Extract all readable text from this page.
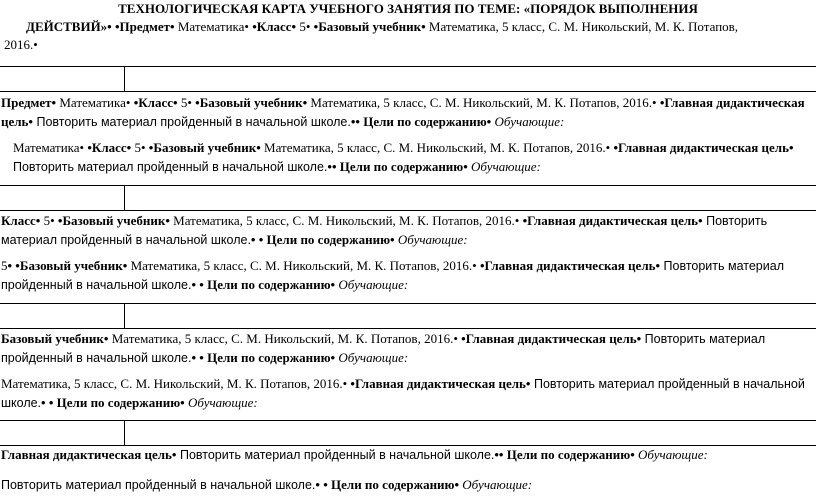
ТЕХНОЛОГИЧЕСКАЯ КАРТА УЧЕБНОГО ЗАНЯТИЯ ПО ТЕМЕ: «ПОРЯДОК ВЫПОЛНЕНИЯ
ДЕЙСТВИЙ»• •Предмет• Математика• •Класс• 5• •Базовый учебник• Математика, 5 класс, С. М. Никольский, М. К. Потапов,
2016.•
Предмет• Математика• •Класс• 5• •Базовый учебник• Математика, 5 класс, С. М. Никольский, М. К. Потапов, 2016.• •Главная дидактическая цель• Повторить материал пройденный в начальной школе.•• Цели по содержанию• Обучающие:
Математика• •Класс• 5• •Базовый учебник• Математика, 5 класс, С. М. Никольский, М. К. Потапов, 2016.• •Главная дидактическая цель• Повторить материал пройденный в начальной школе.•• Цели по содержанию• Обучающие:
Класс• 5• •Базовый учебник• Математика, 5 класс, С. М. Никольский, М. К. Потапов, 2016.• •Главная дидактическая цель• Повторить материал пройденный в начальной школе.• • Цели по содержанию• Обучающие:
5• •Базовый учебник• Математика, 5 класс, С. М. Никольский, М. К. Потапов, 2016.• •Главная дидактическая цель• Повторить материал пройденный в начальной школе.• • Цели по содержанию• Обучающие:
Базовый учебник• Математика, 5 класс, С. М. Никольский, М. К. Потапов, 2016.• •Главная дидактическая цель• Повторить материал пройденный в начальной школе.• • Цели по содержанию• Обучающие:
Математика, 5 класс, С. М. Никольский, М. К. Потапов, 2016.• •Главная дидактическая цель• Повторить материал пройденный в начальной школе.• • Цели по содержанию• Обучающие:
Главная дидактическая цель• Повторить материал пройденный в начальной школе.•• Цели по содержанию• Обучающие:
Повторить материал пройденный в начальной школе.• • Цели по содержанию• Обучающие:
